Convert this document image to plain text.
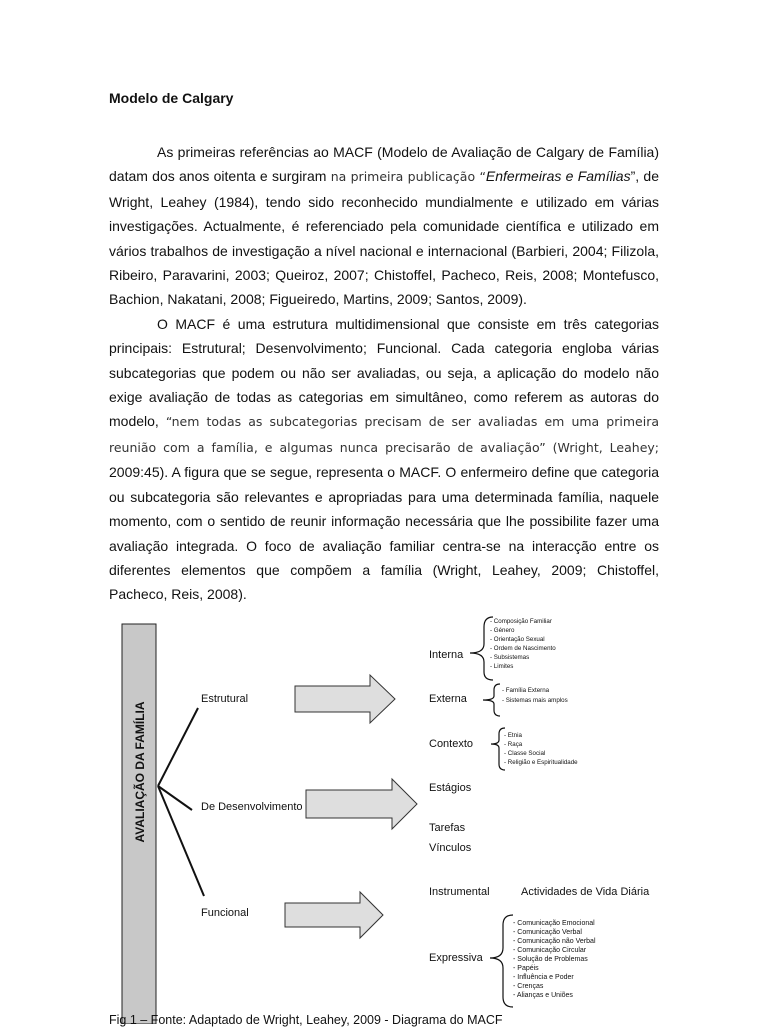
Modelo de Calgary

As primeiras referências ao MACF (Modelo de Avaliação de Calgary de Família) datam dos anos oitenta e surgiram na primeira publicação “Enfermeiras e Famílias”, de Wright, Leahey (1984), tendo sido reconhecido mundialmente e utilizado em várias investigações. Actualmente, é referenciado pela comunidade científica e utilizado em vários trabalhos de investigação a nível nacional e internacional (Barbieri, 2004; Filizola, Ribeiro, Paravarini, 2003; Queiroz, 2007; Chistoffel, Pacheco, Reis, 2008; Montefusco, Bachion, Nakatani, 2008; Figueiredo, Martins, 2009; Santos, 2009).

O MACF é uma estrutura multidimensional que consiste em três categorias principais: Estrutural; Desenvolvimento; Funcional. Cada categoria engloba várias subcategorias que podem ou não ser avaliadas, ou seja, a aplicação do modelo não exige avaliação de todas as categorias em simultâneo, como referem as autoras do modelo, “nem todas as subcategorias precisam de ser avaliadas em uma primeira reunião com a família, e algumas nunca precisarão de avaliação” (Wright, Leahey; 2009:45). A figura que se segue, representa o MACF. O enfermeiro define que categoria ou subcategoria são relevantes e apropriadas para uma determinada família, naquele momento, com o sentido de reunir informação necessária que lhe possibilite fazer uma avaliação integrada. O foco de avaliação familiar centra-se na interacção entre os diferentes elementos que compõem a família (Wright, Leahey, 2009; Chistoffel, Pacheco, Reis, 2008).

AVALIAÇÃO DA FAMÍLIA
Estrutural
De Desenvolvimento
Funcional
Interna
- Composição Familiar
- Género
- Orientação Sexual
- Ordem de Nascimento
- Subsistemas
- Limites
Externa
- Família Externa
- Sistemas mais amplos
Contexto
- Etnia
- Raça
- Classe Social
- Religião e Espiritualidade
Estágios
Tarefas
Vínculos
Instrumental	Actividades de Vida Diária
Expressiva
- Comunicação Emocional
- Comunicação Verbal
- Comunicação não Verbal
- Comunicação Circular
- Solução de Problemas
- Papéis
- Influência e Poder
- Crenças
- Alianças e Uniões
Fig 1 – Fonte: Adaptado de Wright, Leahey, 2009 - Diagrama do MACF
